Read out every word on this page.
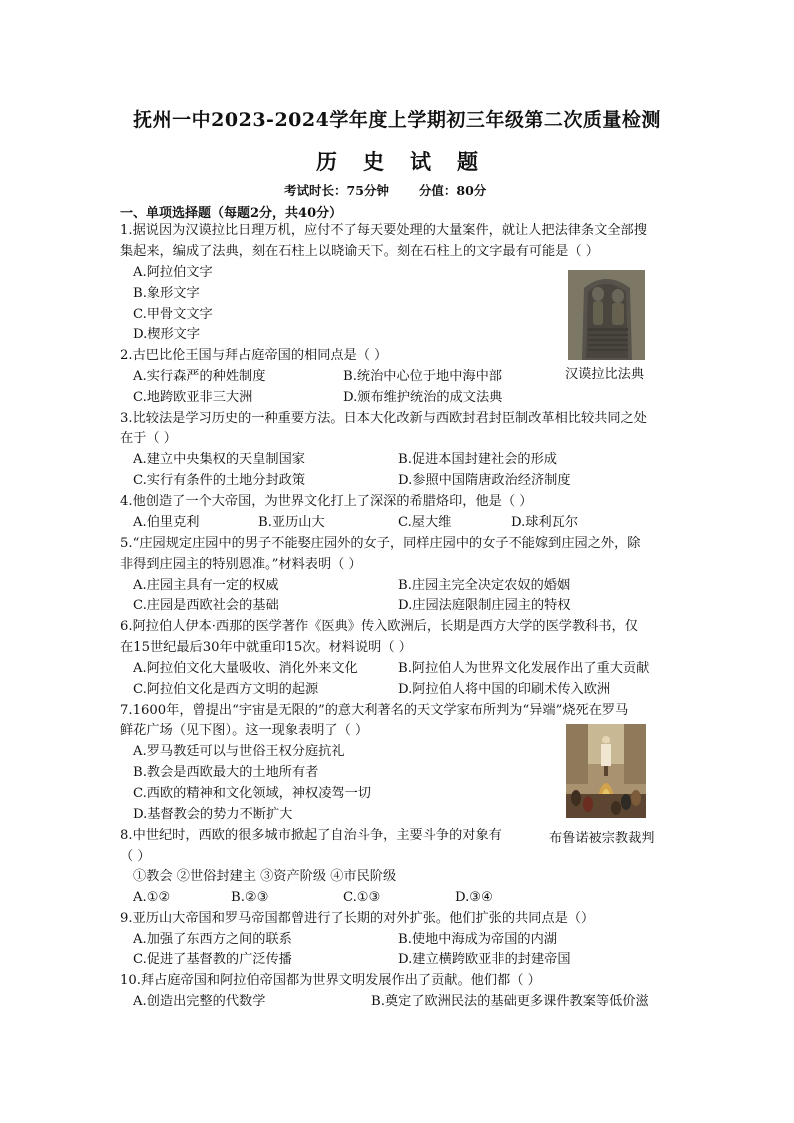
抚州一中2023-2024学年度上学期初三年级第二次质量检测
历 史 试 题
考试时长：75分钟 分值：80分
一、单项选择题（每题2分，共40分）
1.据说因为汉谟拉比日理万机，应付不了每天要处理的大量案件，就让人把法律条文全部搜
集起来，编成了法典，刻在石柱上以晓谕天下。刻在石柱上的文字最有可能是（ ）
A.阿拉伯文字
B.象形文字
C.甲骨文文字
D.楔形文字
汉谟拉比法典
2.古巴比伦王国与拜占庭帝国的相同点是（ ）
A.实行森严的种姓制度	B.统治中心位于地中海中部
C.地跨欧亚非三大洲	D.颁布维护统治的成文法典
3.比较法是学习历史的一种重要方法。日本大化改新与西欧封君封臣制改革相比较共同之处
在于（ ）
A.建立中央集权的天皇制国家	B.促进本国封建社会的形成
C.实行有条件的土地分封政策	D.参照中国隋唐政治经济制度
4.他创造了一个大帝国，为世界文化打上了深深的希腊烙印，他是（ ）
A.伯里克利	B.亚历山大	C.屋大维	D.球利瓦尔
5.“庄园规定庄园中的男子不能娶庄园外的女子，同样庄园中的女子不能嫁到庄园之外，除
非得到庄园主的特别恩准。”材料表明（ ）
A.庄园主具有一定的权威	B.庄园主完全决定农奴的婚姻
C.庄园是西欧社会的基础	D.庄园法庭限制庄园主的特权
6.阿拉伯人伊本·西那的医学著作《医典》传入欧洲后，长期是西方大学的医学教科书，仅
在15世纪最后30年中就重印15次。材料说明（ ）
A.阿拉伯文化大量吸收、消化外来文化	B.阿拉伯人为世界文化发展作出了重大贡献
C.阿拉伯文化是西方文明的起源	D.阿拉伯人将中国的印刷术传入欧洲
7.1600年，曾提出“宇宙是无限的”的意大利著名的天文学家布所判为“异端”烧死在罗马
鲜花广场（见下图）。这一现象表明了（ ）
A.罗马教廷可以与世俗王权分庭抗礼
B.教会是西欧最大的土地所有者
C.西欧的精神和文化领域，神权凌驾一切
D.基督教会的势力不断扩大
布鲁诺被宗教裁判
8.中世纪时，西欧的很多城市掀起了自治斗争，主要斗争的对象有
（ ）
①教会 ②世俗封建主 ③资产阶级 ④市民阶级
A.①②	B.②③	C.①③	D.③④
9.亚历山大帝国和罗马帝国都曾进行了长期的对外扩张。他们扩张的共同点是（）
A.加强了东西方之间的联系	B.使地中海成为帝国的内湖
C.促进了基督教的广泛传播	D.建立横跨欧亚非的封建帝国
10.拜占庭帝国和阿拉伯帝国都为世界文明发展作出了贡献。他们都（ ）
A.创造出完整的代数学	B.奠定了欧洲民法的基础更多课件教案等低价滋
